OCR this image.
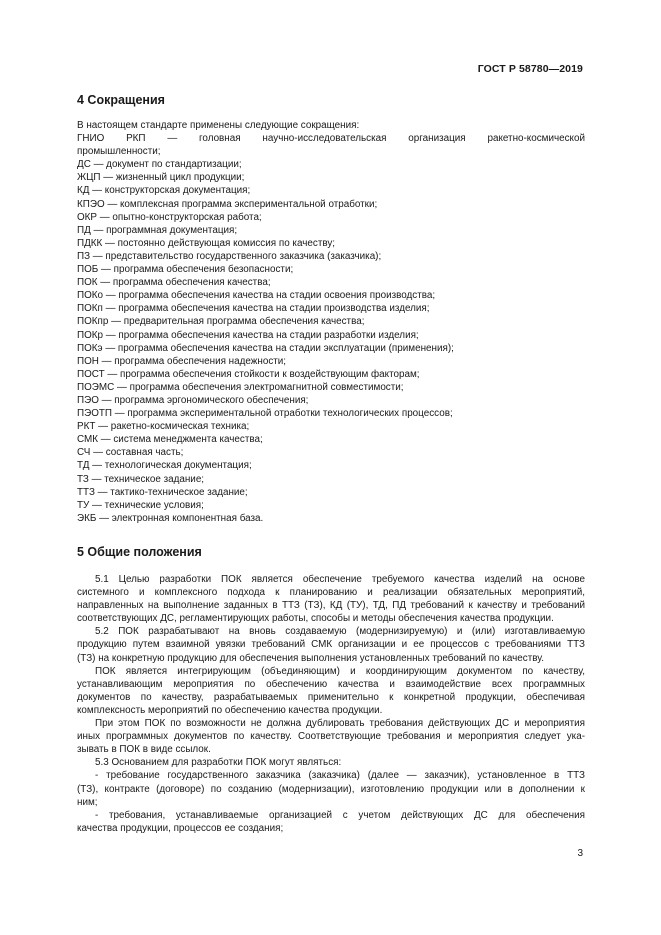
ГОСТ Р 58780—2019
4 Сокращения
В настоящем стандарте применены следующие сокращения:
ГНИО РКП — головная научно-исследовательская организация ракетно-космической
промышленности;
ДС — документ по стандартизации;
ЖЦП — жизненный цикл продукции;
КД — конструкторская документация;
КПЭО — комплексная программа экспериментальной отработки;
ОКР — опытно-конструкторская работа;
ПД — программная документация;
ПДКК — постоянно действующая комиссия по качеству;
ПЗ — представительство государственного заказчика (заказчика);
ПОБ — программа обеспечения безопасности;
ПОК — программа обеспечения качества;
ПОКо — программа обеспечения качества на стадии освоения производства;
ПОКп — программа обеспечения качества на стадии производства изделия;
ПОКпр — предварительная программа обеспечения качества;
ПОКр — программа обеспечения качества на стадии разработки изделия;
ПОКэ — программа обеспечения качества на стадии эксплуатации (применения);
ПОН — программа обеспечения надежности;
ПОСТ — программа обеспечения стойкости к воздействующим факторам;
ПОЭМС — программа обеспечения электромагнитной совместимости;
ПЭО — программа эргономического обеспечения;
ПЭОТП — программа экспериментальной отработки технологических процессов;
РКТ — ракетно-космическая техника;
СМК — система менеджмента качества;
СЧ — составная часть;
ТД — технологическая документация;
ТЗ — техническое задание;
ТТЗ — тактико-техническое задание;
ТУ — технические условия;
ЭКБ — электронная компонентная база.
5 Общие положения
5.1 Целью разработки ПОК является обеспечение требуемого качества изделий на основе
системного и комплексного подхода к планированию и реализации обязательных мероприятий,
направленных на выполнение заданных в ТТЗ (ТЗ), КД (ТУ), ТД, ПД требований к качеству и требований
соответствующих ДС, регламентирующих работы, способы и методы обеспечения качества продукции.
5.2 ПОК разрабатывают на вновь создаваемую (модернизируемую) и (или) изготавливаемую
продукцию путем взаимной увязки требований СМК организации и ее процессов с требованиями ТТЗ
(ТЗ) на конкретную продукцию для обеспечения выполнения установленных требований по качеству.
ПОК является интегрирующим (объединяющим) и координирующим документом по качеству,
устанавливающим мероприятия по обеспечению качества и взаимодействие всех программных
документов по качеству, разрабатываемых применительно к конкретной продукции, обеспечивая
комплексность мероприятий по обеспечению качества продукции.
При этом ПОК по возможности не должна дублировать требования действующих ДС и мероприятия
иных программных документов по качеству. Соответствующие требования и мероприятия следует ука-
зывать в ПОК в виде ссылок.
5.3 Основанием для разработки ПОК могут являться:
- требование государственного заказчика (заказчика) (далее — заказчик), установленное в ТТЗ
(ТЗ), контракте (договоре) по созданию (модернизации), изготовлению продукции или в дополнении к
ним;
- требования, устанавливаемые организацией с учетом действующих ДС для обеспечения
качества продукции, процессов ее создания;
3
